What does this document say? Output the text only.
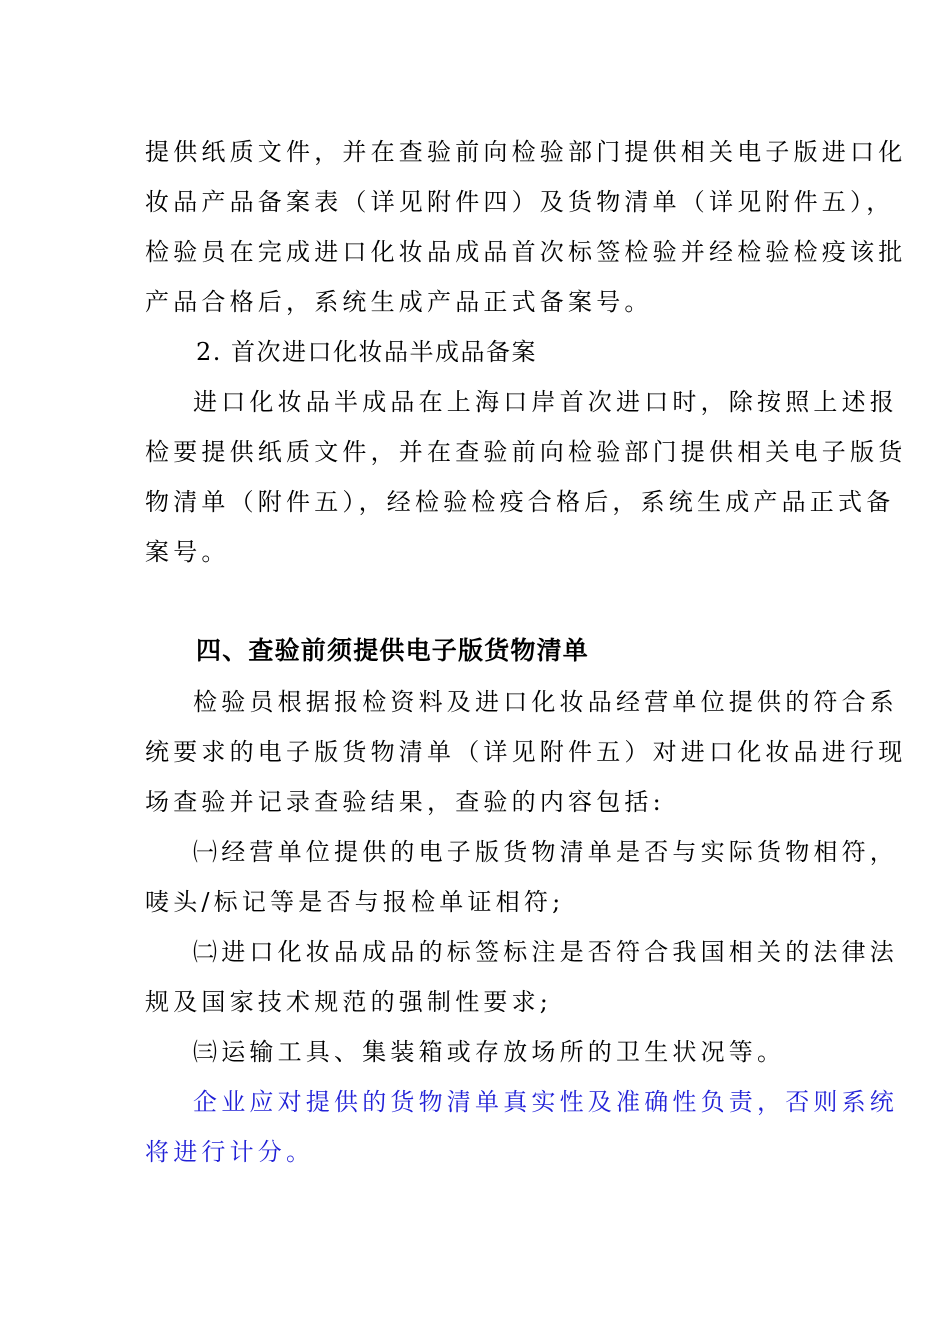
提供纸质文件，并在查验前向检验部门提供相关电子版进口化
妆品产品备案表（详见附件四）及货物清单（详见附件五），
检验员在完成进口化妆品成品首次标签检验并经检验检疫该批
产品合格后，系统生成产品正式备案号。
2. 首次进口化妆品半成品备案
进口化妆品半成品在上海口岸首次进口时，除按照上述报
检要提供纸质文件，并在查验前向检验部门提供相关电子版货
物清单（附件五），经检验检疫合格后，系统生成产品正式备
案号。
四、查验前须提供电子版货物清单
检验员根据报检资料及进口化妆品经营单位提供的符合系
统要求的电子版货物清单（详见附件五）对进口化妆品进行现
场查验并记录查验结果，查验的内容包括:
㈠经营单位提供的电子版货物清单是否与实际货物相符，
唛头/标记等是否与报检单证相符;
㈡进口化妆品成品的标签标注是否符合我国相关的法律法
规及国家技术规范的强制性要求;
㈢运输工具、集装箱或存放场所的卫生状况等。
企业应对提供的货物清单真实性及准确性负责，否则系统
将进行计分。
